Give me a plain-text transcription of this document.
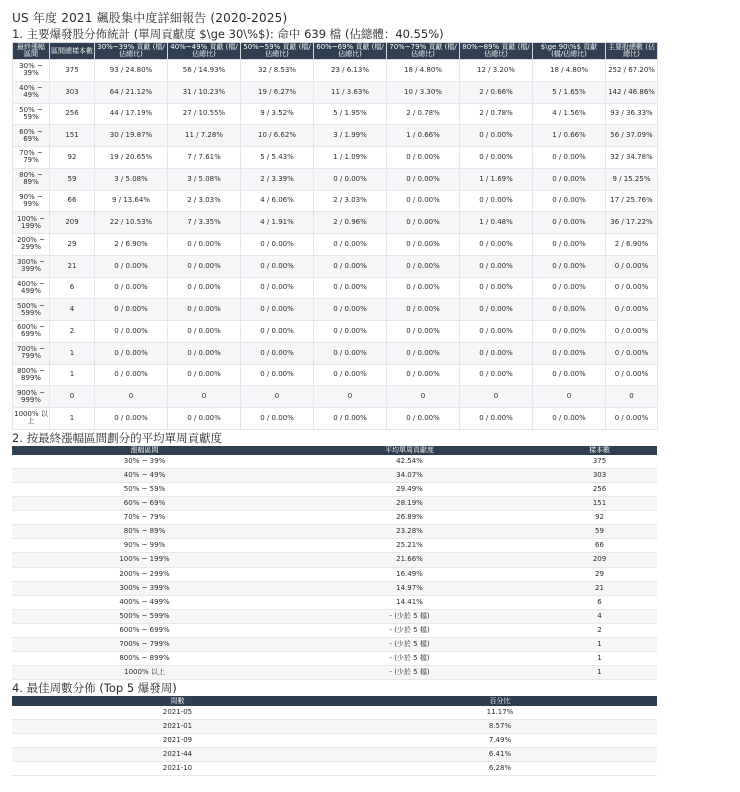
US 年度 2021 飆股集中度詳細報告 (2020-2025)
1. 主要爆發股分佈統計 (單周貢獻度 $\ge 30\%$): 命中 639 檔 (佔總體：40.55%)
最終漲幅區間	區間總樣本數	30%~39% 貢獻 (檔/佔總比)	40%~49% 貢獻 (檔/佔總比)	50%~59% 貢獻 (檔/佔總比)	60%~69% 貢獻 (檔/佔總比)	70%~79% 貢獻 (檔/佔總比)	80%~89% 貢獻 (檔/佔總比)	$\ge 90\%$ 貢獻 (檔/佔總比)	主要股總數 (佔總比)
30% ~ 39%	375	93 / 24.80%	56 / 14.93%	32 / 8.53%	23 / 6.13%	18 / 4.80%	12 / 3.20%	18 / 4.80%	252 / 67.20%
40% ~ 49%	303	64 / 21.12%	31 / 10.23%	19 / 6.27%	11 / 3.63%	10 / 3.30%	2 / 0.66%	5 / 1.65%	142 / 46.86%
50% ~ 59%	256	44 / 17.19%	27 / 10.55%	9 / 3.52%	5 / 1.95%	2 / 0.78%	2 / 0.78%	4 / 1.56%	93 / 36.33%
60% ~ 69%	151	30 / 19.87%	11 / 7.28%	10 / 6.62%	3 / 1.99%	1 / 0.66%	0 / 0.00%	1 / 0.66%	56 / 37.09%
70% ~ 79%	92	19 / 20.65%	7 / 7.61%	5 / 5.43%	1 / 1.09%	0 / 0.00%	0 / 0.00%	0 / 0.00%	32 / 34.78%
80% ~ 89%	59	3 / 5.08%	3 / 5.08%	2 / 3.39%	0 / 0.00%	0 / 0.00%	1 / 1.69%	0 / 0.00%	9 / 15.25%
90% ~ 99%	66	9 / 13.64%	2 / 3.03%	4 / 6.06%	2 / 3.03%	0 / 0.00%	0 / 0.00%	0 / 0.00%	17 / 25.76%
100% ~ 199%	209	22 / 10.53%	7 / 3.35%	4 / 1.91%	2 / 0.96%	0 / 0.00%	1 / 0.48%	0 / 0.00%	36 / 17.22%
200% ~ 299%	29	2 / 6.90%	0 / 0.00%	0 / 0.00%	0 / 0.00%	0 / 0.00%	0 / 0.00%	0 / 0.00%	2 / 6.90%
300% ~ 399%	21	0 / 0.00%	0 / 0.00%	0 / 0.00%	0 / 0.00%	0 / 0.00%	0 / 0.00%	0 / 0.00%	0 / 0.00%
400% ~ 499%	6	0 / 0.00%	0 / 0.00%	0 / 0.00%	0 / 0.00%	0 / 0.00%	0 / 0.00%	0 / 0.00%	0 / 0.00%
500% ~ 599%	4	0 / 0.00%	0 / 0.00%	0 / 0.00%	0 / 0.00%	0 / 0.00%	0 / 0.00%	0 / 0.00%	0 / 0.00%
600% ~ 699%	2	0 / 0.00%	0 / 0.00%	0 / 0.00%	0 / 0.00%	0 / 0.00%	0 / 0.00%	0 / 0.00%	0 / 0.00%
700% ~ 799%	1	0 / 0.00%	0 / 0.00%	0 / 0.00%	0 / 0.00%	0 / 0.00%	0 / 0.00%	0 / 0.00%	0 / 0.00%
800% ~ 899%	1	0 / 0.00%	0 / 0.00%	0 / 0.00%	0 / 0.00%	0 / 0.00%	0 / 0.00%	0 / 0.00%	0 / 0.00%
900% ~ 999%	0	0	0	0	0	0	0	0	0
1000% 以上	1	0 / 0.00%	0 / 0.00%	0 / 0.00%	0 / 0.00%	0 / 0.00%	0 / 0.00%	0 / 0.00%	0 / 0.00%
2. 按最終漲幅區間劃分的平均單周貢獻度
漲幅區間	平均單周貢獻度	樣本數
30% ~ 39%	42.54%	375
40% ~ 49%	34.07%	303
50% ~ 59%	29.49%	256
60% ~ 69%	28.19%	151
70% ~ 79%	26.89%	92
80% ~ 89%	23.28%	59
90% ~ 99%	25.21%	66
100% ~ 199%	21.66%	209
200% ~ 299%	16.49%	29
300% ~ 399%	14.97%	21
400% ~ 499%	14.41%	6
500% ~ 599%	- (少於 5 檔)	4
600% ~ 699%	- (少於 5 檔)	2
700% ~ 799%	- (少於 5 檔)	1
800% ~ 899%	- (少於 5 檔)	1
1000% 以上	- (少於 5 檔)	1
4. 最佳周數分佈 (Top 5 爆發周)
周數	百分比
2021-05	11.17%
2021-01	8.57%
2021-09	7.49%
2021-44	6.41%
2021-10	6.28%
